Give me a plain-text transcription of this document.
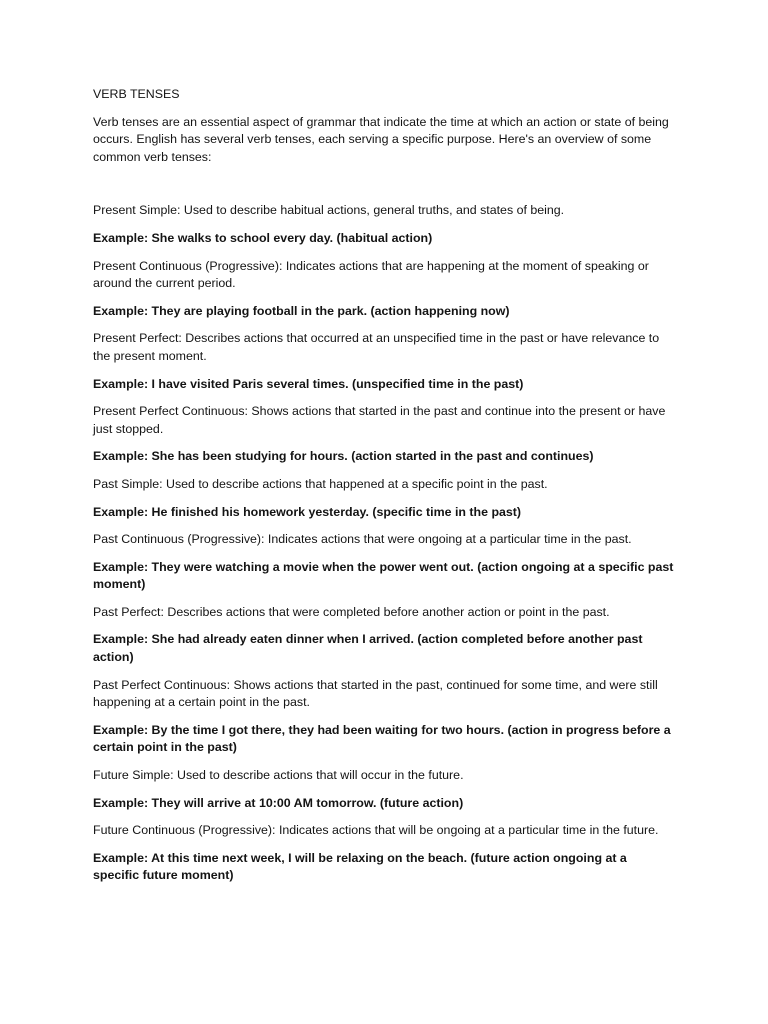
VERB TENSES

Verb tenses are an essential aspect of grammar that indicate the time at which an action or state of being occurs. English has several verb tenses, each serving a specific purpose. Here's an overview of some common verb tenses:

Present Simple: Used to describe habitual actions, general truths, and states of being.

Example: She walks to school every day. (habitual action)

Present Continuous (Progressive): Indicates actions that are happening at the moment of speaking or around the current period.

Example: They are playing football in the park. (action happening now)

Present Perfect: Describes actions that occurred at an unspecified time in the past or have relevance to the present moment.

Example: I have visited Paris several times. (unspecified time in the past)

Present Perfect Continuous: Shows actions that started in the past and continue into the present or have just stopped.

Example: She has been studying for hours. (action started in the past and continues)

Past Simple: Used to describe actions that happened at a specific point in the past.

Example: He finished his homework yesterday. (specific time in the past)

Past Continuous (Progressive): Indicates actions that were ongoing at a particular time in the past.

Example: They were watching a movie when the power went out. (action ongoing at a specific past moment)

Past Perfect: Describes actions that were completed before another action or point in the past.

Example: She had already eaten dinner when I arrived. (action completed before another past action)

Past Perfect Continuous: Shows actions that started in the past, continued for some time, and were still happening at a certain point in the past.

Example: By the time I got there, they had been waiting for two hours. (action in progress before a certain point in the past)

Future Simple: Used to describe actions that will occur in the future.

Example: They will arrive at 10:00 AM tomorrow. (future action)

Future Continuous (Progressive): Indicates actions that will be ongoing at a particular time in the future.

Example: At this time next week, I will be relaxing on the beach. (future action ongoing at a specific future moment)
